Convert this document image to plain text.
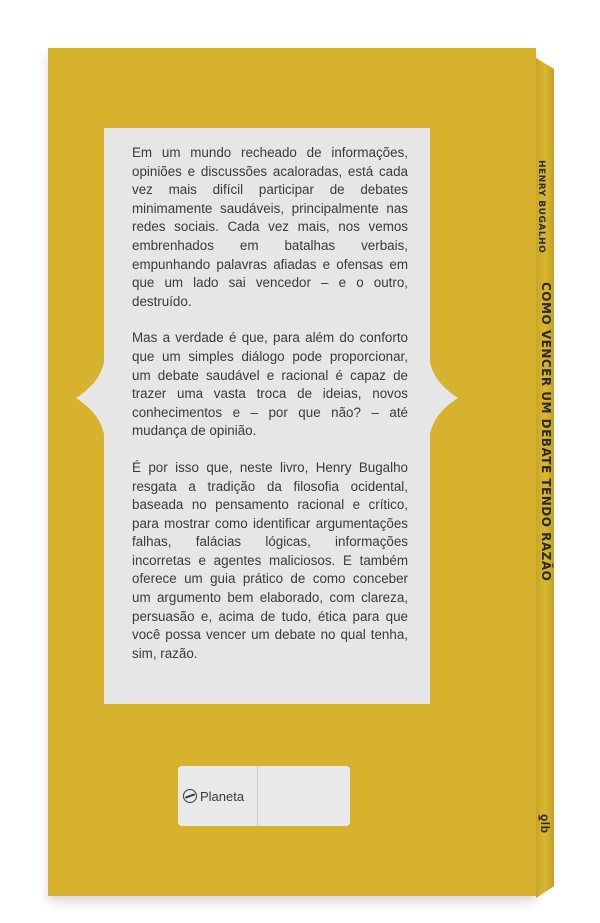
HENRY BUGALHO
COMO VENCER UM DEBATE TENDO RAZÃO
ƍlb

Em um mundo recheado de informações, opiniões e discussões acaloradas, está cada vez mais difícil participar de debates minimamente saudáveis, principalmente nas redes sociais. Cada vez mais, nos vemos embrenhados em batalhas verbais, empunhando palavras afiadas e ofensas em que um lado sai vencedor – e o outro, destruído.

Mas a verdade é que, para além do conforto que um simples diálogo pode proporcionar, um debate saudável e racional é capaz de trazer uma vasta troca de ideias, novos conhecimentos e – por que não? – até mudança de opinião.

É por isso que, neste livro, Henry Bugalho resgata a tradição da filosofia ocidental, baseada no pensamento racional e crítico, para mostrar como identificar argumentações falhas, falácias lógicas, informações incorretas e agentes maliciosos. E também oferece um guia prático de como conceber um argumento bem elaborado, com clareza, persuasão e, acima de tudo, ética para que você possa vencer um debate no qual tenha, sim, razão.

Planeta
